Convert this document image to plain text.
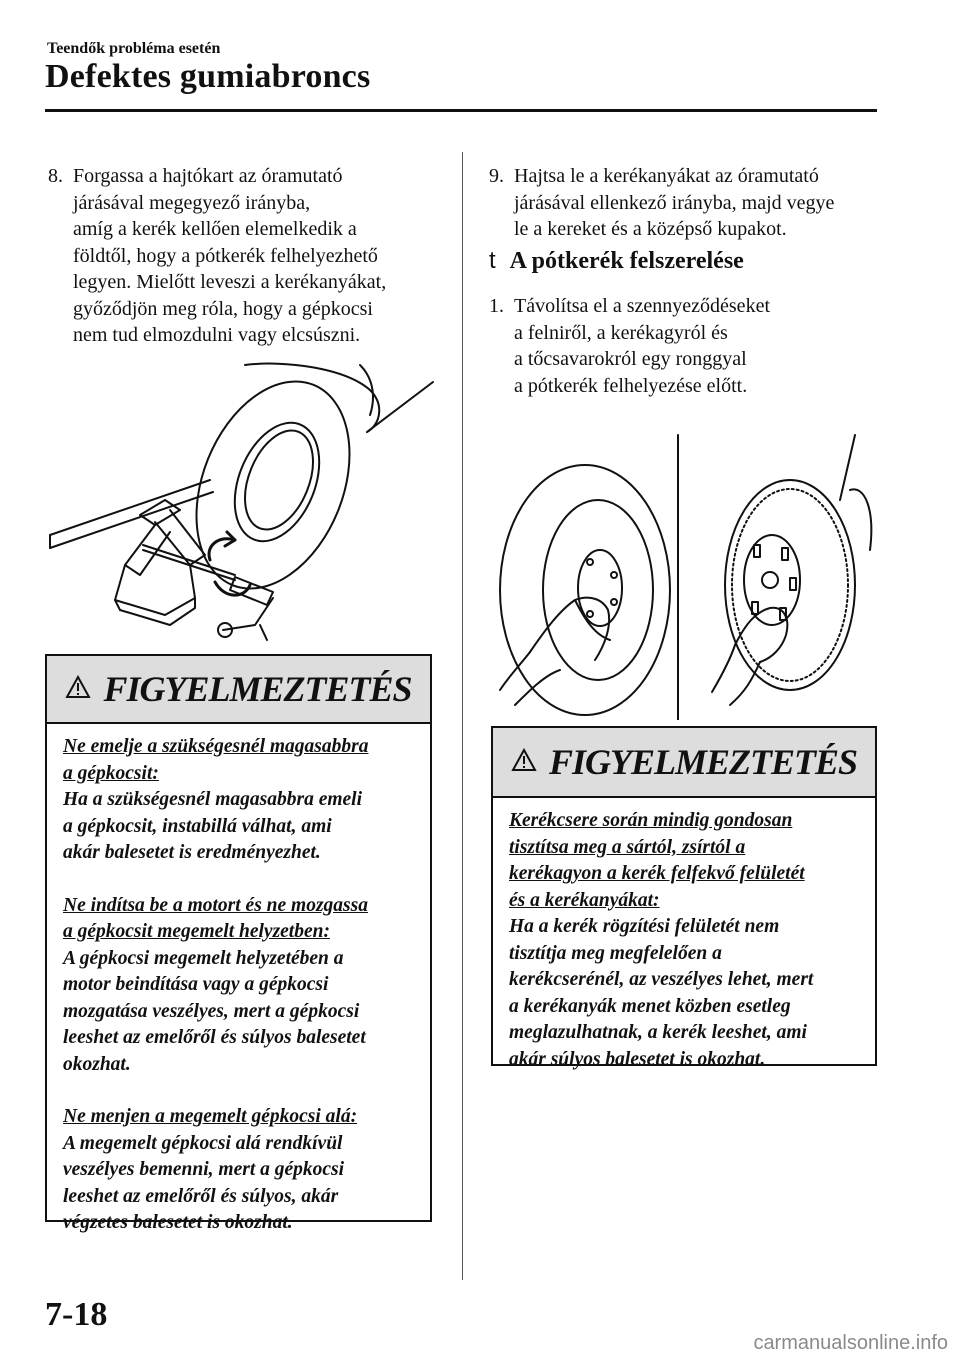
Teendők probléma esetén
Defektes gumiabroncs
8. Forgassa a hajtókart az óramutató
járásával megegyező irányba,
amíg a kerék kellően elemelkedik a
földtől, hogy a pótkerék felhelyezhető
legyen. Mielőtt leveszi a kerékanyákat,
győződjön meg róla, hogy a gépkocsi
nem tud elmozdulni vagy elcsúszni.
FIGYELMEZTETÉS
Ne emelje a szükségesnél magasabbra
a gépkocsit:
Ha a szükségesnél magasabbra emeli
a gépkocsit, instabillá válhat, ami
akár balesetet is eredményezhet.
Ne indítsa be a motort és ne mozgassa
a gépkocsit megemelt helyzetben:
A gépkocsi megemelt helyzetében a
motor beindítása vagy a gépkocsi
mozgatása veszélyes, mert a gépkocsi
leeshet az emelőről és súlyos balesetet
okozhat.
Ne menjen a megemelt gépkocsi alá:
A megemelt gépkocsi alá rendkívül
veszélyes bemenni, mert a gépkocsi
leeshet az emelőről és súlyos, akár
végzetes balesetet is okozhat.
9. Hajtsa le a kerékanyákat az óramutató
járásával ellenkező irányba, majd vegye
le a kereket és a középső kupakot.
t A pótkerék felszerelése
1. Távolítsa el a szennyeződéseket
a felniről, a kerékagyról és
a tőcsavarokról egy ronggyal
a pótkerék felhelyezése előtt.
FIGYELMEZTETÉS
Kerékcsere során mindig gondosan
tisztítsa meg a sártól, zsírtól a
kerékagyon a kerék felfekvő felületét
és a kerékanyákat:
Ha a kerék rögzítési felületét nem
tisztítja meg megfelelően a
kerékcserénél, az veszélyes lehet, mert
a kerékanyák menet közben esetleg
meglazulhatnak, a kerék leeshet, ami
akár súlyos balesetet is okozhat.
7-18
carmanualsonline.info
